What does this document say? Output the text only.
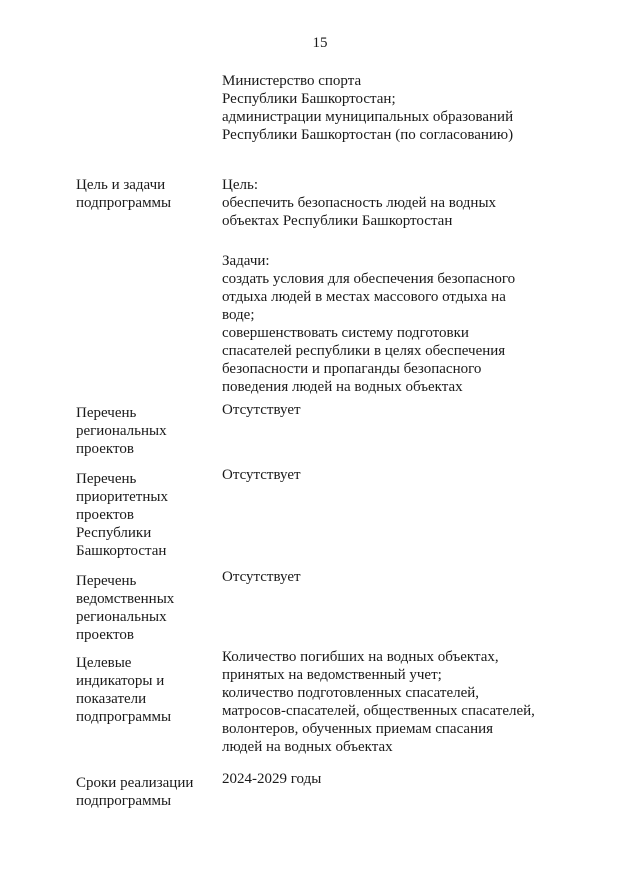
15
Министерство спорта
Республики Башкортостан;
администрации муниципальных образований
Республики Башкортостан (по согласованию)
Цель и задачи
подпрограммы
Цель:
обеспечить безопасность людей на водных
объектах Республики Башкортостан
Задачи:
создать условия для обеспечения безопасного
отдыха людей в местах массового отдыха на
воде;
совершенствовать систему подготовки
спасателей республики в целях обеспечения
безопасности и пропаганды безопасного
поведения людей на водных объектах
Перечень
региональных
проектов
Отсутствует
Перечень
приоритетных
проектов
Республики
Башкортостан
Отсутствует
Перечень
ведомственных
региональных
проектов
Отсутствует
Целевые
индикаторы и
показатели
подпрограммы
Количество погибших на водных объектах,
принятых на ведомственный учет;
количество подготовленных спасателей,
матросов-спасателей, общественных спасателей,
волонтеров, обученных приемам спасания
людей на водных объектах
Сроки реализации
подпрограммы
2024-2029 годы
